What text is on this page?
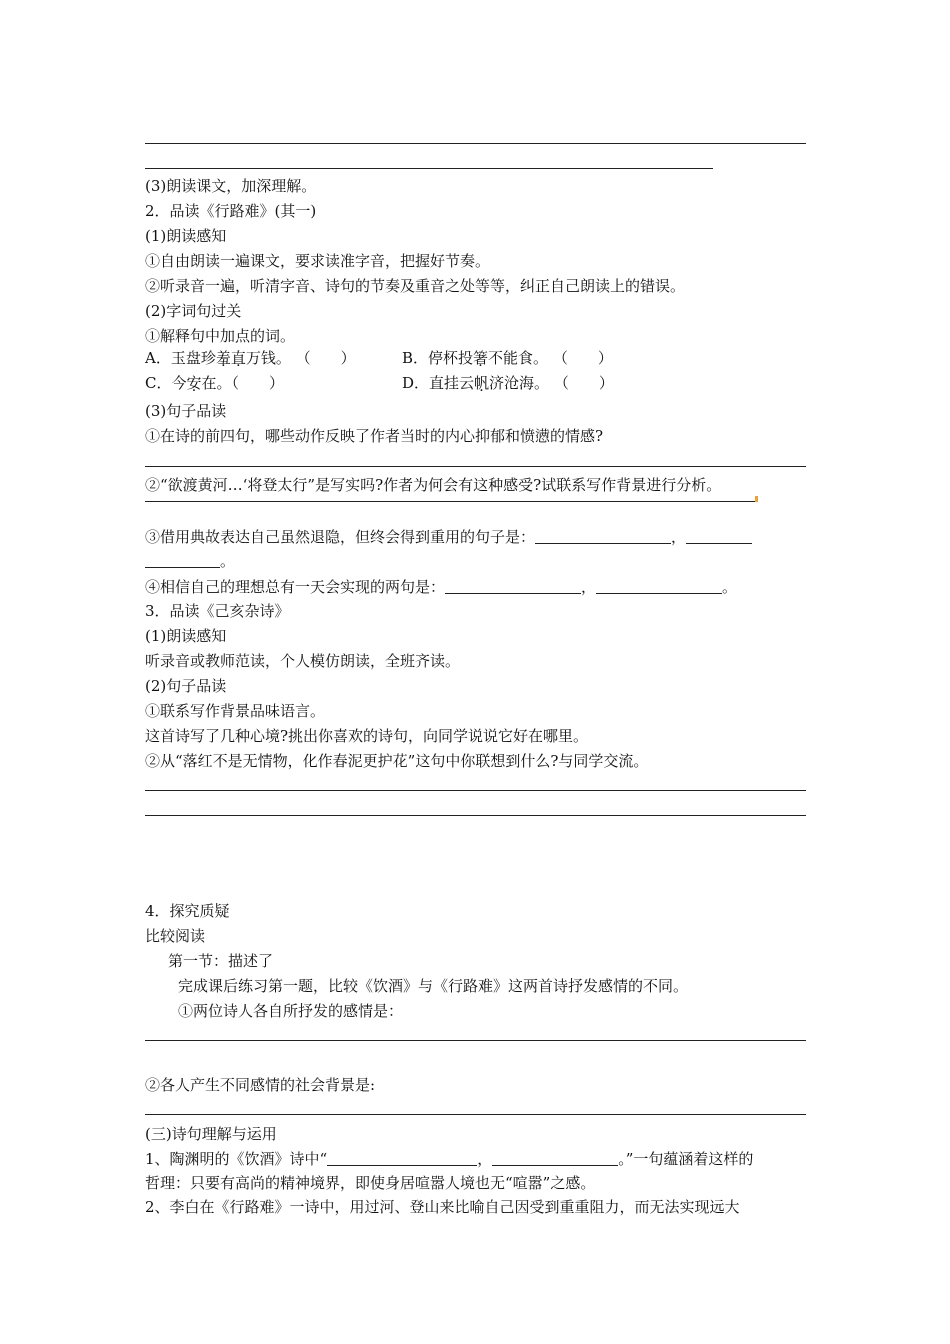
(3)朗读课文，加深理解。
2．品读《行路难》(其一)
(1)朗读感知
①自由朗读一遍课文，要求读准字音，把握好节奏。
②听录音一遍，听清字音、诗句的节奏及重音之处等等，纠正自己朗读上的错误。
(2)字词句过关
①解释句中加点的词。
A．玉盘珍羞直万钱。 （　　）	B．停杯投箸不能食。 （　　）
C．今安在。（　　）	D．直挂云帆济沧海。 （　　）
(3)句子品读
①在诗的前四句，哪些动作反映了作者当时的内心抑郁和愤懑的情感?
②“欲渡黄河…‘将登太行”是写实吗?作者为何会有这种感受?试联系写作背景进行分析。
③借用典故表达自己虽然退隐，但终会得到重用的句子是：	，
。
④相信自己的理想总有一天会实现的两句是：	，	。
3．品读《己亥杂诗》
(1)朗读感知
听录音或教师范读，个人模仿朗读，全班齐读。
(2)句子品读
①联系写作背景品味语言。
这首诗写了几种心境?挑出你喜欢的诗句，向同学说说它好在哪里。
②从“落红不是无情物，化作春泥更护花”这句中你联想到什么?与同学交流。
4．探究质疑
比较阅读
第一节：描述了
完成课后练习第一题，比较《饮酒》与《行路难》这两首诗抒发感情的不同。
①两位诗人各自所抒发的感情是：
②各人产生不同感情的社会背景是:
(三)诗句理解与运用
1、陶渊明的《饮酒》诗中“	，	。”一句蕴涵着这样的
哲理：只要有高尚的精神境界，即使身居喧嚣人境也无“喧嚣”之感。
2、李白在《行路难》一诗中，用过河、登山来比喻自己因受到重重阻力，而无法实现远大
